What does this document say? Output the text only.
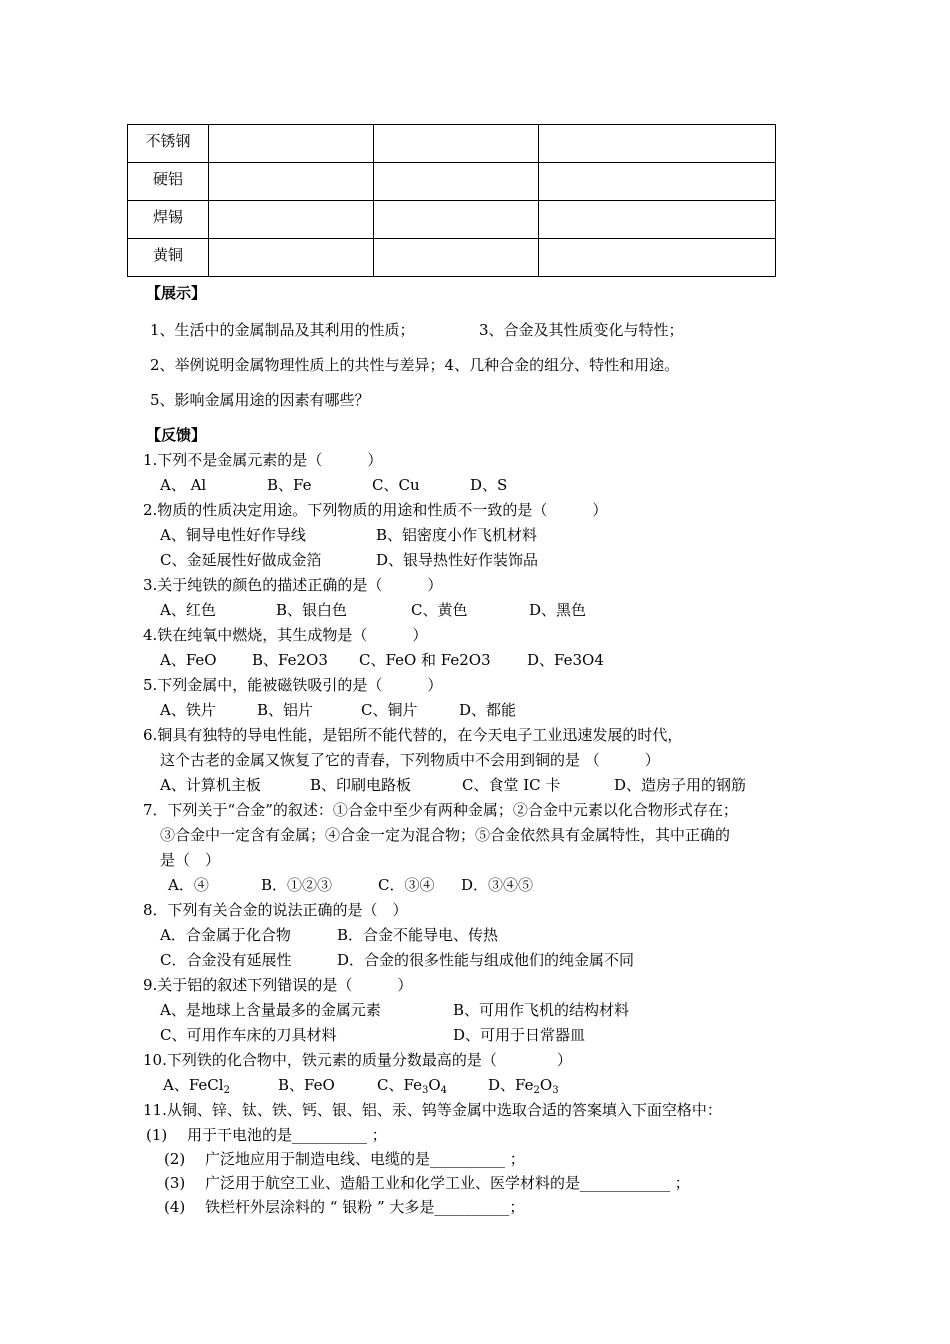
不锈钢			
硬铝			
焊锡			
黄铜			
【展示】
1、生活中的金属制品及其利用的性质；	3、合金及其性质变化与特性；
2、举例说明金属物理性质上的共性与差异；4、几种合金的组分、特性和用途。
5、影响金属用途的因素有哪些？
【反馈】
1.下列不是金属元素的是（　　　）
A、 Al	B、Fe	C、Cu	D、S
2.物质的性质决定用途。下列物质的用途和性质不一致的是（　　　）
A、铜导电性好作导线	B、铝密度小作飞机材料
C、金延展性好做成金箔	D、银导热性好作装饰品
3.关于纯铁的颜色的描述正确的是（　　　）
A、红色	B、银白色	C、黄色	D、黑色
4.铁在纯氧中燃烧，其生成物是（　　　）
A、FeO B、Fe2O3 C、FeO 和 Fe2O3 D、Fe3O4
5.下列金属中，能被磁铁吸引的是（　　　）
A、铁片	B、铝片	C、铜片	D、都能
6.铜具有独特的导电性能，是铝所不能代替的，在今天电子工业迅速发展的时代，
这个古老的金属又恢复了它的青春，下列物质中不会用到铜的是 （　　　）
A、计算机主板	B、印刷电路板	C、食堂 IC 卡	D、造房子用的钢筋
7．下列关于“合金”的叙述：①合金中至少有两种金属；②合金中元素以化合物形式存在；
③合金中一定含有金属；④合金一定为混合物；⑤合金依然具有金属特性，其中正确的
是（　）
A．④	B．①②③	C．③④ D．③④⑤
8．下列有关合金的说法正确的是（　）
A．合金属于化合物	B．合金不能导电、传热
C．合金没有延展性	D．合金的很多性能与组成他们的纯金属不同
9.关于铝的叙述下列错误的是（　　　）
A、是地球上含量最多的金属元素	B、可用作飞机的结构材料
C、可用作车床的刀具材料	D、可用于日常器皿
10.下列铁的化合物中，铁元素的质量分数最高的是（　　　　）
A、FeCl$_2$	B、FeO	C、$Fe_3O_4$	D、$Fe_2O_3$
11.从铜、锌、钛、铁、钙、银、铝、汞、钨等金属中选取合适的答案填入下面空格中：
(1)　 用于干电池的是__________ ；
(2)　 广泛地应用于制造电线、电缆的是__________ ；
(3)　 广泛用于航空工业、造船工业和化学工业、医学材料的是____________ ；
(4)　 铁栏杆外层涂料的 “ 银粉 ” 大多是__________；
